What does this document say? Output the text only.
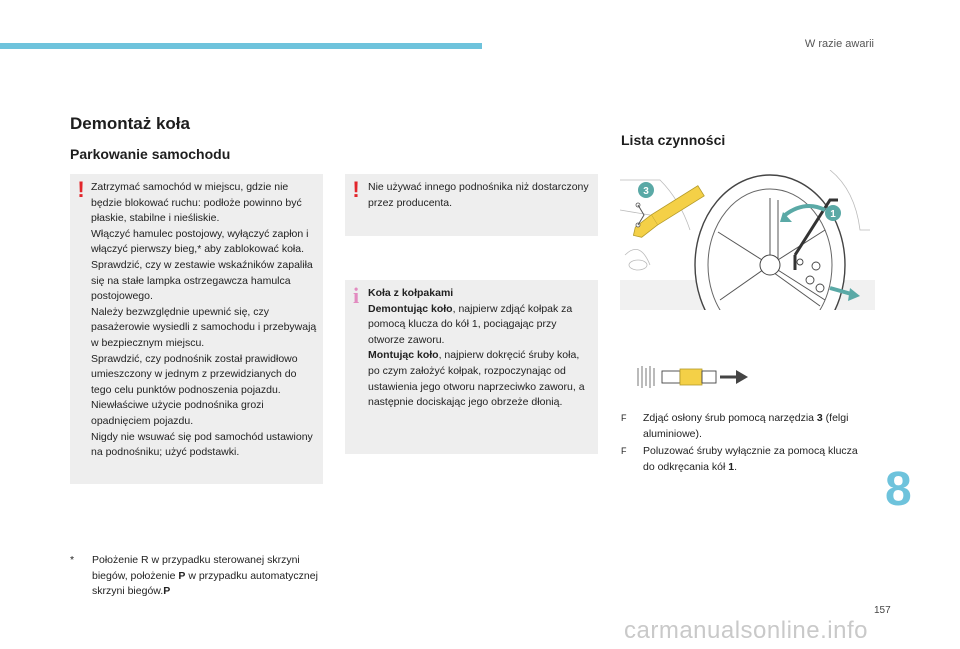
W razie awarii
Demontaż koła
Parkowanie samochodu
Lista czynności
! Zatrzymać samochód w miejscu, gdzie nie będzie blokować ruchu: podłoże powinno być płaskie, stabilne i nieśliskie.

Włączyć hamulec postojowy, wyłączyć zapłon i włączyć pierwszy bieg,* aby zablokować koła.

Sprawdzić, czy w zestawie wskaźników zapaliła się na stałe lampka ostrzegawcza hamulca postojowego.

Należy bezwzględnie upewnić się, czy pasażerowie wysiedli z samochodu i przebywają w bezpiecznym miejscu.

Sprawdzić, czy podnośnik został prawidłowo umieszczony w jednym z przewidzianych do tego celu punktów podnoszenia pojazdu.

Niewłaściwe użycie podnośnika grozi opadnięciem pojazdu.

Nigdy nie wsuwać się pod samochód ustawiony na podnośniku; użyć podstawki.

! Nie używać innego podnośnika niż dostarczony przez producenta.

i Koła z kołpakami

Demontując koło, najpierw zdjąć kołpak za pomocą klucza do kół 1, pociągając przy otworze zaworu.

Montując koło, najpierw dokręcić śruby koła, po czym założyć kołpak, rozpoczynając od ustawienia jego otworu naprzeciwko zaworu, a następnie dociskając jego obrzeże dłonią.

*	Położenie R w przypadku sterowanej skrzyni biegów, położenie P w przypadku automatycznej skrzyni biegów.P
3
1
F Zdjąć osłony śrub pomocą narzędzia 3 (felgi aluminiowe).
F Poluzować śruby wyłącznie za pomocą klucza do odkręcania kół 1.	8
157
carmanualsonline.info
